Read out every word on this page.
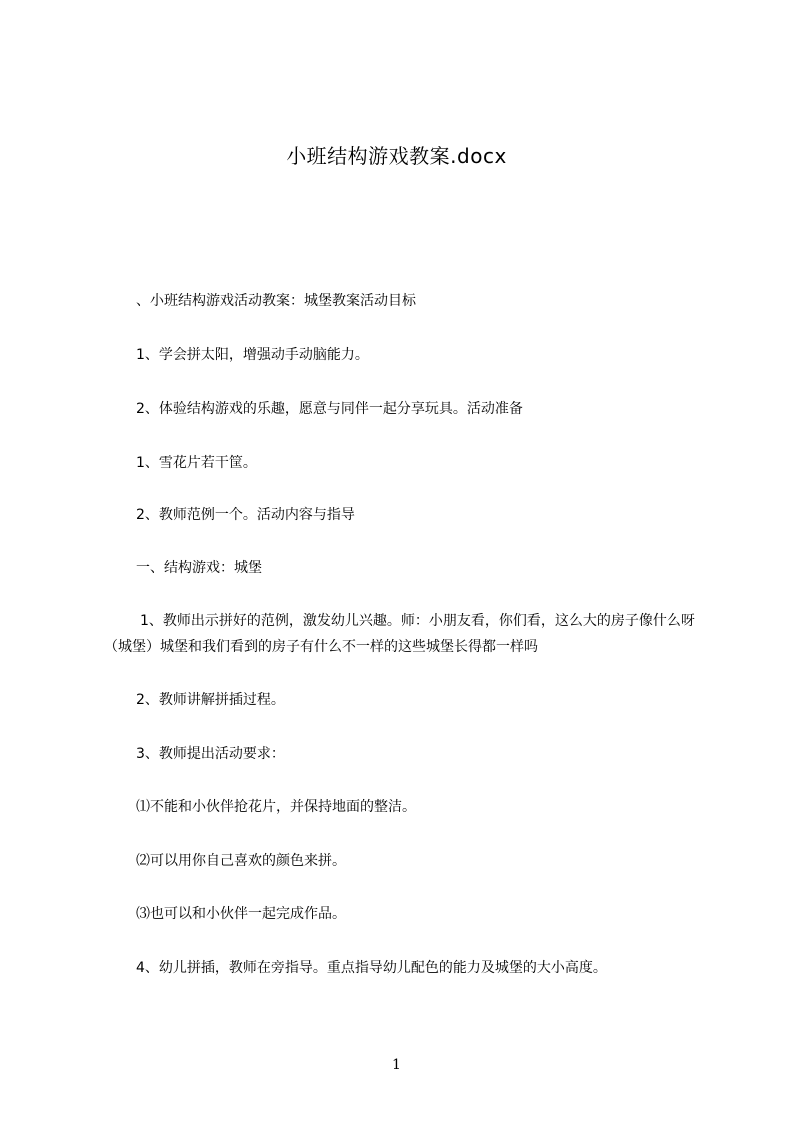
小班结构游戏教案.docx
、小班结构游戏活动教案：城堡教案活动目标
1、学会拼太阳，增强动手动脑能力。
2、体验结构游戏的乐趣，愿意与同伴一起分享玩具。活动准备
1、雪花片若干筐。
2、教师范例一个。活动内容与指导
一、结构游戏：城堡
1、教师出示拼好的范例，激发幼儿兴趣。师：小朋友看，你们看，这么大的房子像什么呀（城堡）城堡和我们看到的房子有什么不一样的这些城堡长得都一样吗
2、教师讲解拼插过程。
3、教师提出活动要求：
⑴不能和小伙伴抢花片，并保持地面的整洁。
⑵可以用你自己喜欢的颜色来拼。
⑶也可以和小伙伴一起完成作品。
4、幼儿拼插，教师在旁指导。重点指导幼儿配色的能力及城堡的大小高度。
1
